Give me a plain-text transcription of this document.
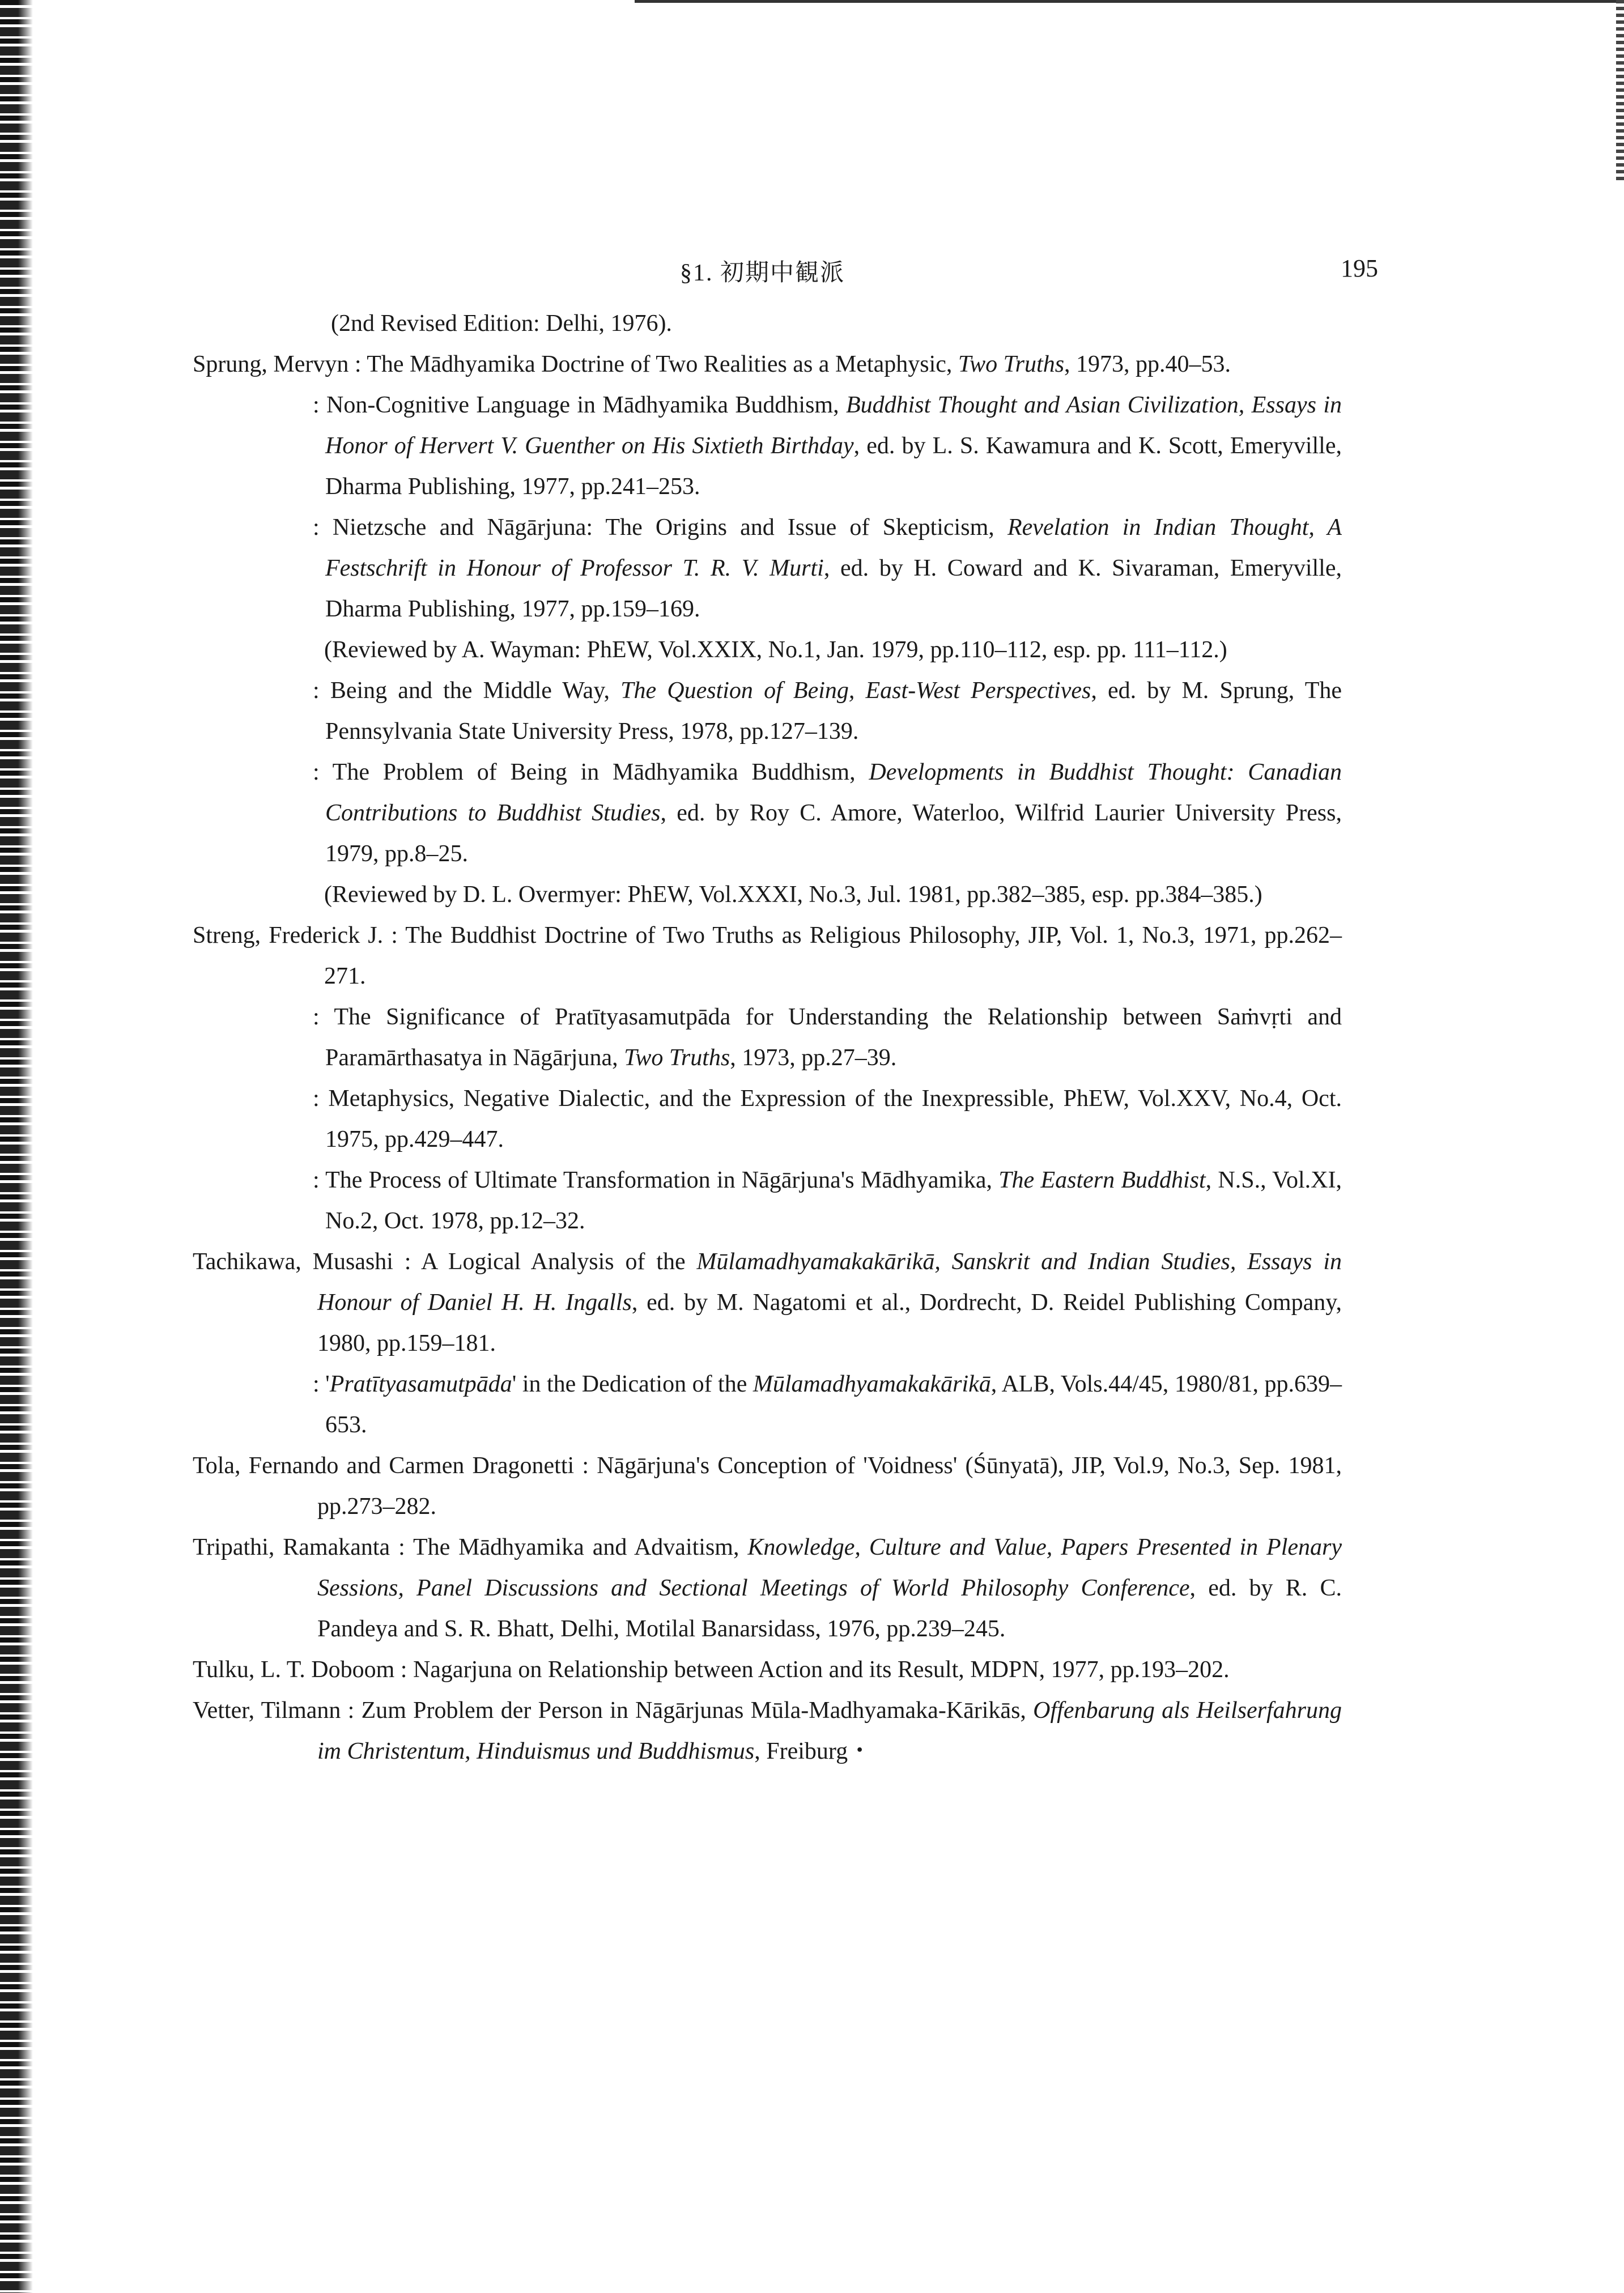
§1. 初期中観派	195

(2nd Revised Edition: Delhi, 1976).

Sprung, Mervyn : The Mādhyamika Doctrine of Two Realities as a Metaphysic, Two Truths, 1973, pp.40–53.

: Non-Cognitive Language in Mādhyamika Buddhism, Buddhist Thought and Asian Civilization, Essays in Honor of Hervert V. Guenther on His Sixtieth Birthday, ed. by L. S. Kawamura and K. Scott, Emeryville, Dharma Publishing, 1977, pp.241–253.

: Nietzsche and Nāgārjuna: The Origins and Issue of Skepticism, Revelation in Indian Thought, A Festschrift in Honour of Professor T. R. V. Murti, ed. by H. Coward and K. Sivaraman, Emeryville, Dharma Publishing, 1977, pp.159–169.

(Reviewed by A. Wayman: PhEW, Vol.XXIX, No.1, Jan. 1979, pp.110–112, esp. pp. 111–112.)

: Being and the Middle Way, The Question of Being, East-West Perspectives, ed. by M. Sprung, The Pennsylvania State University Press, 1978, pp.127–139.

: The Problem of Being in Mādhyamika Buddhism, Developments in Buddhist Thought: Canadian Contributions to Buddhist Studies, ed. by Roy C. Amore, Waterloo, Wilfrid Laurier University Press, 1979, pp.8–25.

(Reviewed by D. L. Overmyer: PhEW, Vol.XXXI, No.3, Jul. 1981, pp.382–385, esp. pp.384–385.)

Streng, Frederick J. : The Buddhist Doctrine of Two Truths as Religious Philosophy, JIP, Vol. 1, No.3, 1971, pp.262–271.

: The Significance of Pratītyasamutpāda for Understanding the Relationship between Saṁvṛti and Paramārthasatya in Nāgārjuna, Two Truths, 1973, pp.27–39.

: Metaphysics, Negative Dialectic, and the Expression of the Inexpressible, PhEW, Vol.XXV, No.4, Oct. 1975, pp.429–447.

: The Process of Ultimate Transformation in Nāgārjuna's Mādhyamika, The Eastern Buddhist, N.S., Vol.XI, No.2, Oct. 1978, pp.12–32.

Tachikawa, Musashi : A Logical Analysis of the Mūlamadhyamakakārikā, Sanskrit and Indian Studies, Essays in Honour of Daniel H. H. Ingalls, ed. by M. Nagatomi et al., Dordrecht, D. Reidel Publishing Company, 1980, pp.159–181.

: 'Pratītyasamutpāda' in the Dedication of the Mūlamadhyamakakārikā, ALB, Vols.44/45, 1980/81, pp.639–653.

Tola, Fernando and Carmen Dragonetti : Nāgārjuna's Conception of 'Voidness' (Śūnyatā), JIP, Vol.9, No.3, Sep. 1981, pp.273–282.

Tripathi, Ramakanta : The Mādhyamika and Advaitism, Knowledge, Culture and Value, Papers Presented in Plenary Sessions, Panel Discussions and Sectional Meetings of World Philosophy Conference, ed. by R. C. Pandeya and S. R. Bhatt, Delhi, Motilal Banarsidass, 1976, pp.239–245.

Tulku, L. T. Doboom : Nagarjuna on Relationship between Action and its Result, MDPN, 1977, pp.193–202.

Vetter, Tilmann : Zum Problem der Person in Nāgārjunas Mūla-Madhyamaka-Kārikās, Offenbarung als Heilserfahrung im Christentum, Hinduismus und Buddhismus, Freiburg・
